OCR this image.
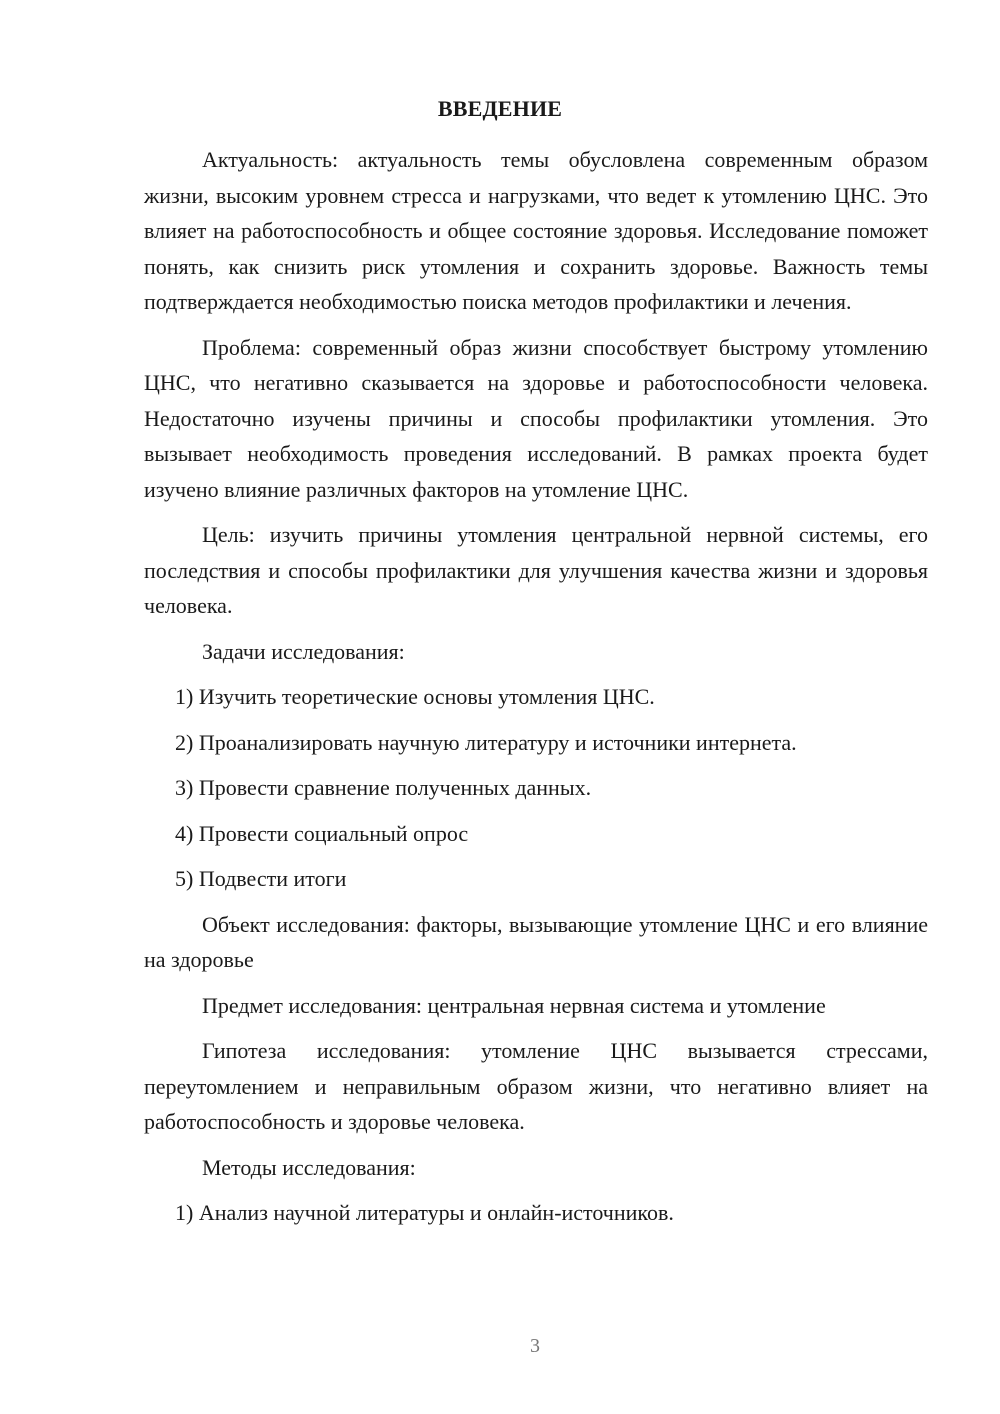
ВВЕДЕНИЕ

Актуальность: актуальность темы обусловлена современным образом жизни, высоким уровнем стресса и нагрузками, что ведет к утомлению ЦНС. Это влияет на работоспособность и общее состояние здоровья. Исследование поможет понять, как снизить риск утомления и сохранить здоровье. Важность темы подтверждается необходимостью поиска методов профилактики и лечения.

Проблема: современный образ жизни способствует быстрому утомлению ЦНС, что негативно сказывается на здоровье и работоспособности человека. Недостаточно изучены причины и способы профилактики утомления. Это вызывает необходимость проведения исследований. В рамках проекта будет изучено влияние различных факторов на утомление ЦНС.

Цель: изучить причины утомления центральной нервной системы, его последствия и способы профилактики для улучшения качества жизни и здоровья человека.

Задачи исследования:

1) Изучить теоретические основы утомления ЦНС.

2) Проанализировать научную литературу и источники интернета.

3) Провести сравнение полученных данных.

4) Провести социальный опрос

5) Подвести итоги

Объект исследования: факторы, вызывающие утомление ЦНС и его влияние на здоровье

Предмет исследования: центральная нервная система и утомление

Гипотеза исследования: утомление ЦНС вызывается стрессами, переутомлением и неправильным образом жизни, что негативно влияет на работоспособность и здоровье человека.

Методы исследования:

1) Анализ научной литературы и онлайн-источников.

3
